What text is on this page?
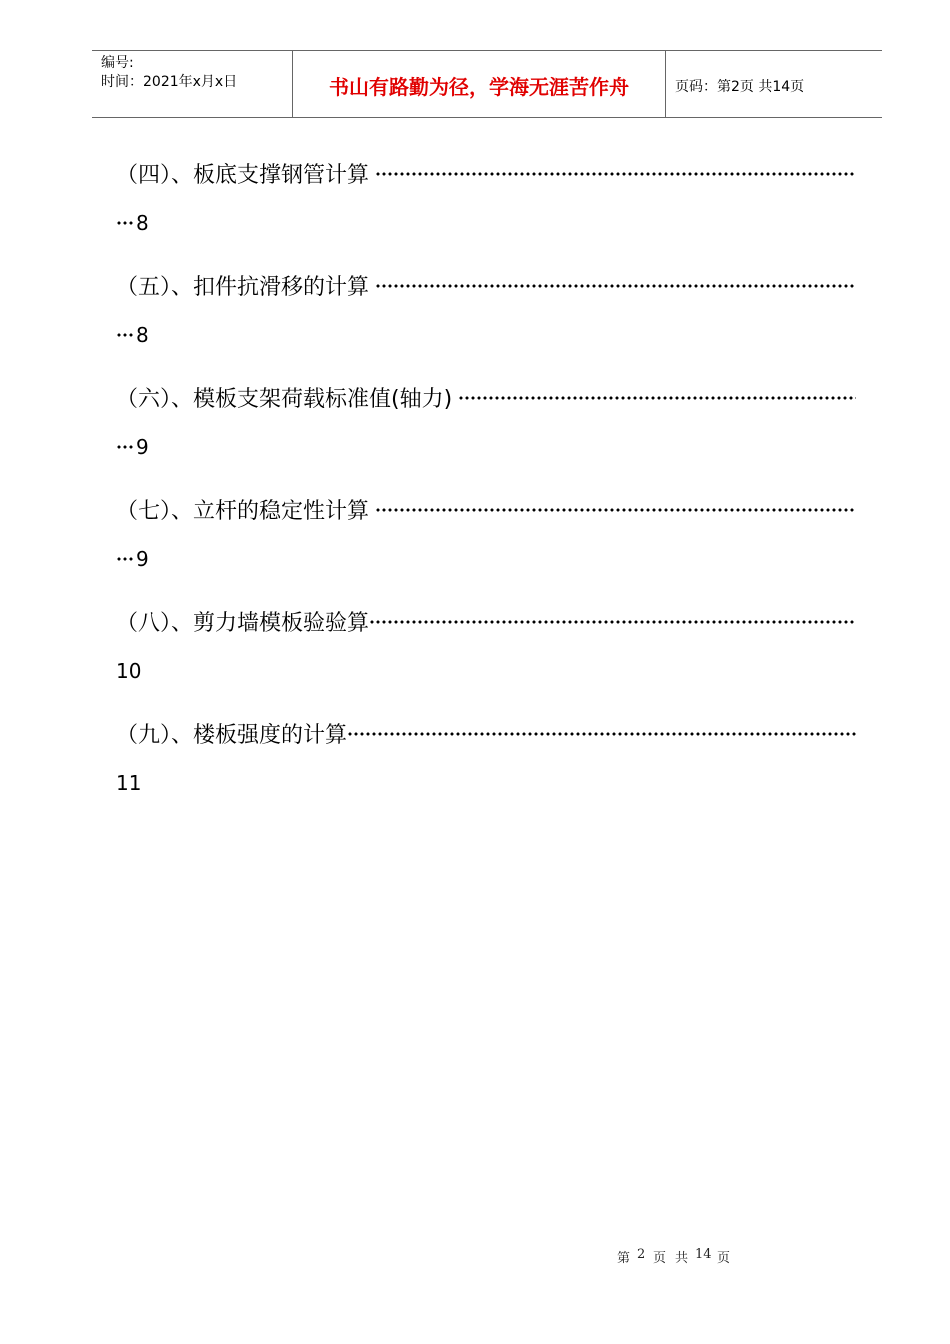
编号:
时间：2021年x月x日	书山有路勤为径，学海无涯苦作舟	页码：第2页 共14页
（四）、板底支撑钢管计算
8
（五）、扣件抗滑移的计算
8
（六）、模板支架荷载标准值(轴力)
9
（七）、立杆的稳定性计算
9
（八）、剪力墙模板验验算
10
（九）、楼板强度的计算
11
第 2 页 共 14 页
